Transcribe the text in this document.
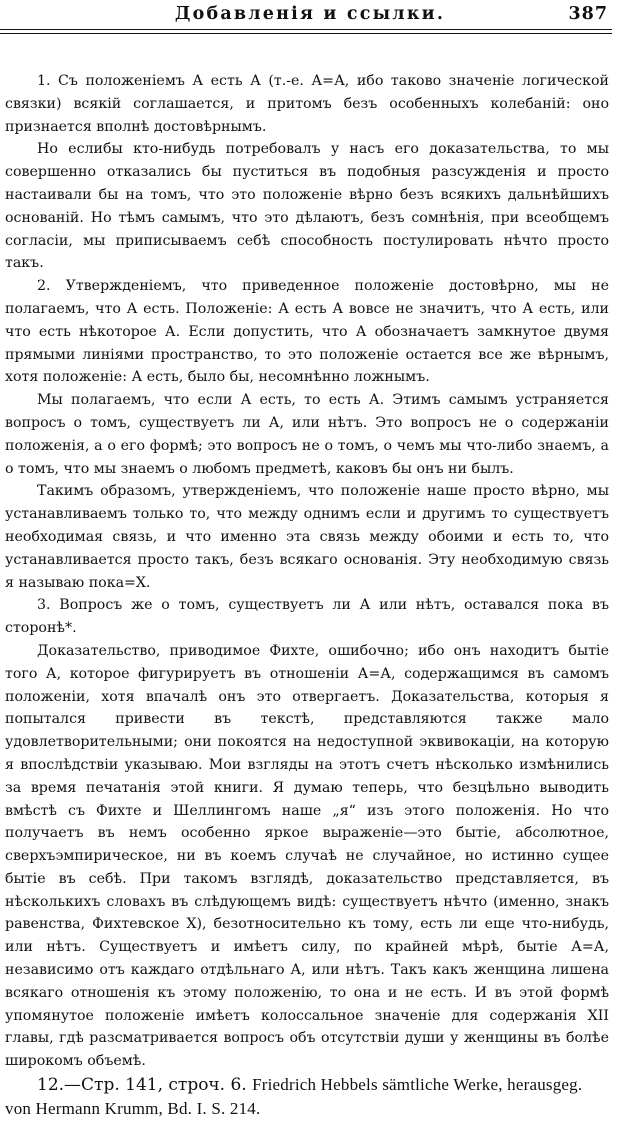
Добавленія и ссылки.	387

1. Съ положеніемъ А есть А (т.-е. А=А, ибо таково значеніе логической связки) всякій соглашается, и притомъ безъ особенныхъ колебаній: оно признается вполнѣ достовѣрнымъ.

Но еслибы кто-нибудь потребовалъ у насъ его доказательства, то мы совершенно отказались бы пуститься въ подобныя разсужденія и просто настаивали бы на томъ, что это положеніе вѣрно безъ всякихъ дальнѣйшихъ основаній. Но тѣмъ самымъ, что это дѣлаютъ, безъ сомнѣнія, при всеобщемъ согласіи, мы приписываемъ себѣ способность постулировать нѣчто просто такъ.

2. Утвержденіемъ, что приведенное положеніе достовѣрно, мы не полагаемъ, что А есть. Положеніе: А есть А вовсе не значитъ, что А есть, или что есть нѣкоторое А. Если допустить, что А обозначаетъ замкнутое двумя прямыми линіями пространство, то это положеніе остается все же вѣрнымъ, хотя положеніе: А есть, было бы, несомнѣнно ложнымъ.

Мы полагаемъ, что если А есть, то есть А. Этимъ самымъ устраняется вопросъ о томъ, существуетъ ли А, или нѣтъ. Это вопросъ не о содержаніи положенія, а о его формѣ; это вопросъ не о томъ, о чемъ мы что-либо знаемъ, а о томъ, что мы знаемъ о любомъ предметѣ, каковъ бы онъ ни былъ.

Такимъ образомъ, утвержденіемъ, что положеніе наше просто вѣрно, мы устанавливаемъ только то, что между однимъ если и другимъ то существуетъ необходимая связь, и что именно эта связь между обоими и есть то, что устанавливается просто такъ, безъ всякаго основанія. Эту необходимую связь я называю пока=X.

3. Вопросъ же о томъ, существуетъ ли А или нѣтъ, оставался пока въ сторонѣ*.

Доказательство, приводимое Фихте, ошибочно; ибо онъ находитъ бытіе того А, которое фигурируетъ въ отношеніи А=А, содержащимся въ самомъ положеніи, хотя впачалѣ онъ это отвергаетъ. Доказательства, которыя я попытался привести въ текстѣ, представляются также мало удовлетворительными; они покоятся на недоступной эквивокаціи, на которую я впослѣдствіи указываю. Мои взгляды на этотъ счетъ нѣсколько измѣнились за время печатанія этой книги. Я думаю теперь, что безцѣльно выводить вмѣстѣ съ Фихте и Шеллингомъ наше „я“ изъ этого положенія. Но что получаетъ въ немъ особенно яркое выраженіе—это бытіе, абсолютное, сверхъэмпирическое, ни въ коемъ случаѣ не случайное, но истинно сущее бытіе въ себѣ. При такомъ взглядѣ, доказательство представляется, въ нѣсколькихъ словахъ въ слѣдующемъ видѣ: существуетъ нѣчто (именно, знакъ равенства, Фихтевское X), безотносительно къ тому, есть ли еще что-нибудь, или нѣтъ. Существуетъ и имѣетъ силу, по крайней мѣрѣ, бытіе А=А, независимо отъ каждаго отдѣльнаго А, или нѣтъ. Такъ какъ женщина лишена всякаго отношенія къ этому положенію, то она и не есть. И въ этой формѣ упомянутое положеніе имѣетъ колоссальное значеніе для содержанія XII главы, гдѣ разсматривается вопросъ объ отсутствіи души у женщины въ болѣе широкомъ объемѣ.

12.—Стр. 141, строч. 6. Friedrich Hebbels sämtliche Werke, herausgeg. von Hermann Krumm, Bd. I. S. 214.
